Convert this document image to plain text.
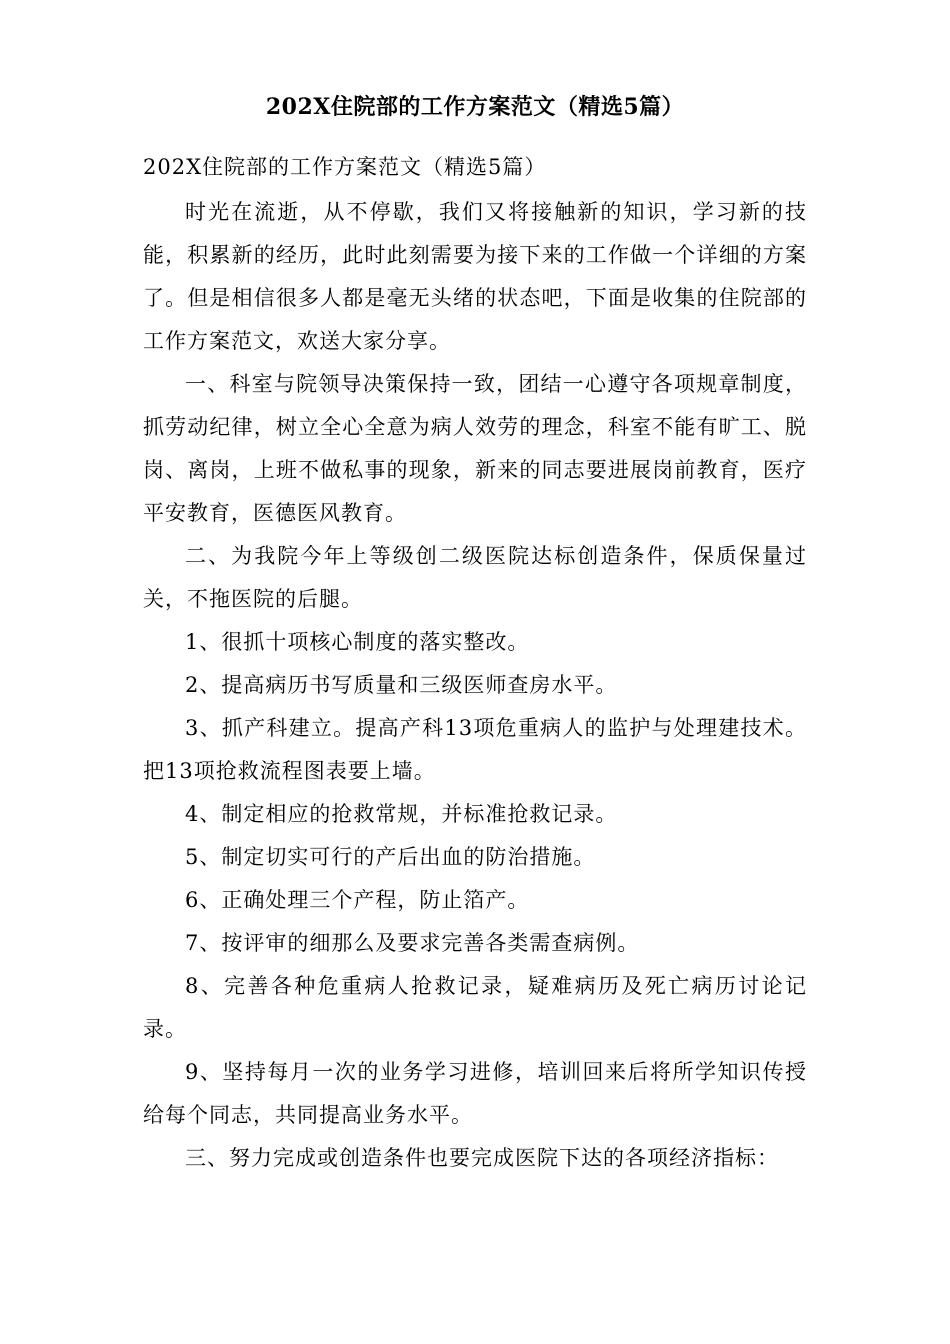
202X住院部的工作方案范文（精选5篇）

202X住院部的工作方案范文（精选5篇）

时光在流逝，从不停歇，我们又将接触新的知识，学习新的技能，积累新的经历，此时此刻需要为接下来的工作做一个详细的方案了。但是相信很多人都是毫无头绪的状态吧，下面是收集的住院部的工作方案范文，欢送大家分享。

一、科室与院领导决策保持一致，团结一心遵守各项规章制度，抓劳动纪律，树立全心全意为病人效劳的理念，科室不能有旷工、脱岗、离岗，上班不做私事的现象，新来的同志要进展岗前教育，医疗平安教育，医德医风教育。

二、为我院今年上等级创二级医院达标创造条件，保质保量过关，不拖医院的后腿。

1、很抓十项核心制度的落实整改。

2、提高病历书写质量和三级医师查房水平。

3、抓产科建立。提高产科13项危重病人的监护与处理建技术。把13项抢救流程图表要上墙。

4、制定相应的抢救常规，并标准抢救记录。

5、制定切实可行的产后出血的防治措施。

6、正确处理三个产程，防止箔产。

7、按评审的细那么及要求完善各类需查病例。

8、完善各种危重病人抢救记录，疑难病历及死亡病历讨论记录。

9、坚持每月一次的业务学习进修，培训回来后将所学知识传授给每个同志，共同提高业务水平。

三、努力完成或创造条件也要完成医院下达的各项经济指标：
